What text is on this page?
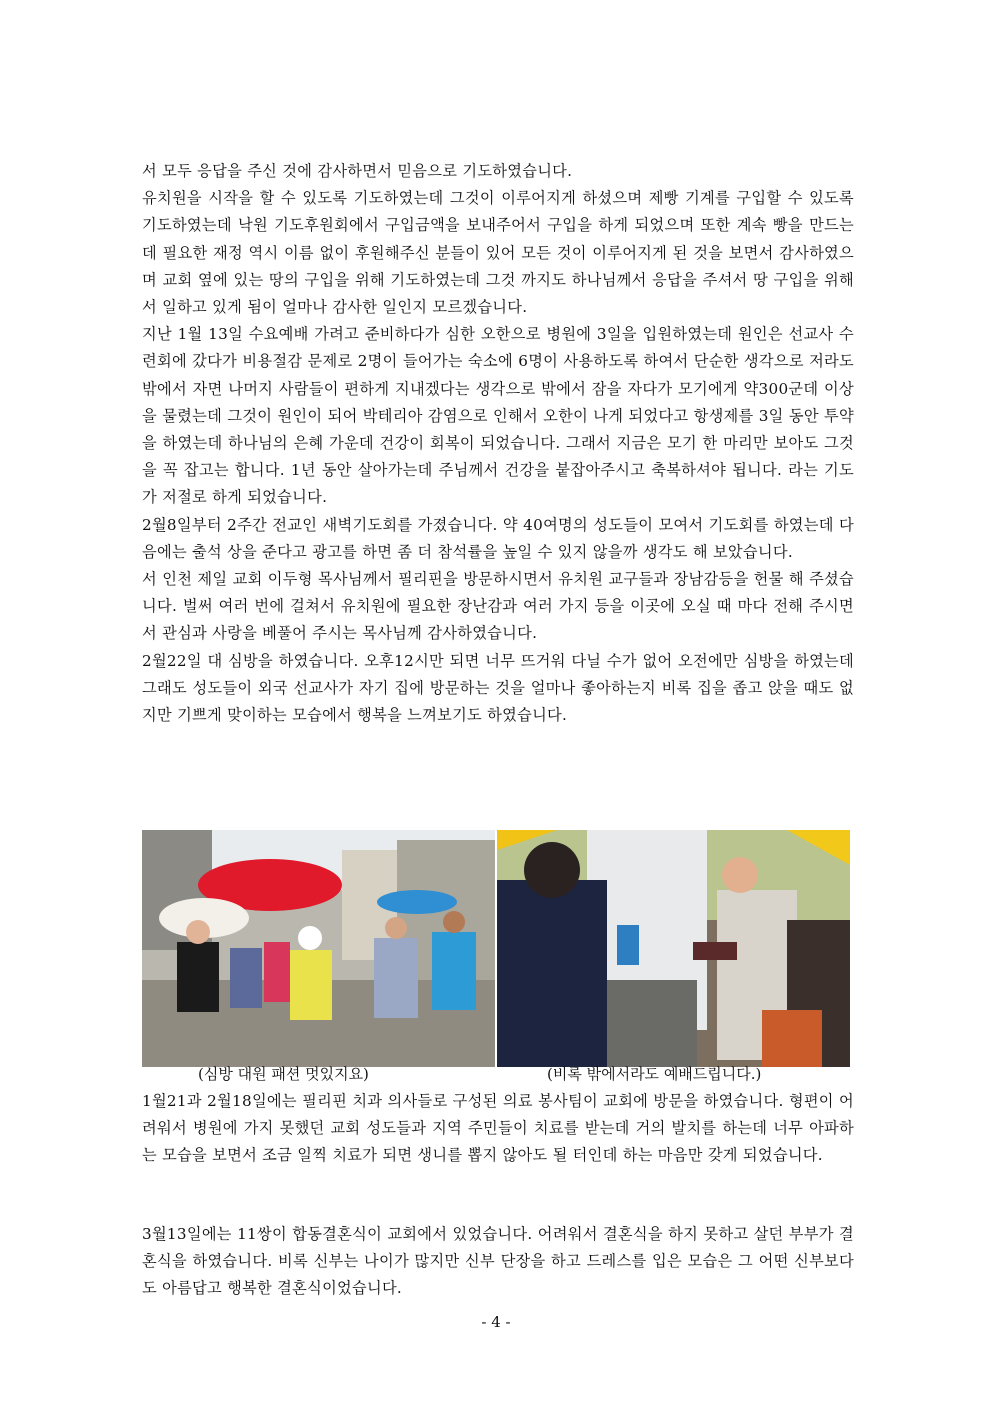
서 모두 응답을 주신 것에 감사하면서 믿음으로 기도하였습니다.

유치원을 시작을 할 수 있도록 기도하였는데 그것이 이루어지게 하셨으며 제빵 기계를 구입할 수 있도록 기도하였는데 낙원 기도후원회에서 구입금액을 보내주어서 구입을 하게 되었으며 또한 계속 빵을 만드는데 필요한 재정 역시 이름 없이 후원해주신 분들이 있어 모든 것이 이루어지게 된 것을 보면서 감사하였으며 교회 옆에 있는 땅의 구입을 위해 기도하였는데 그것 까지도 하나님께서 응답을 주셔서 땅 구입을 위해서 일하고 있게 됨이 얼마나 감사한 일인지 모르겠습니다.

지난 1월 13일 수요예배 가려고 준비하다가 심한 오한으로 병원에 3일을 입원하였는데 원인은 선교사 수련회에 갔다가 비용절감 문제로 2명이 들어가는 숙소에 6명이 사용하도록 하여서 단순한 생각으로 저라도 밖에서 자면 나머지 사람들이 편하게 지내겠다는 생각으로 밖에서 잠을 자다가 모기에게 약300군데 이상을 물렸는데 그것이 원인이 되어 박테리아 감염으로 인해서 오한이 나게 되었다고 항생제를 3일 동안 투약을 하였는데 하나님의 은혜 가운데 건강이 회복이 되었습니다. 그래서 지금은 모기 한 마리만 보아도 그것을 꼭 잡고는 합니다. 1년 동안 살아가는데 주님께서 건강을 붙잡아주시고 축복하셔야 됩니다. 라는 기도가 저절로 하게 되었습니다.

2월8일부터 2주간 전교인 새벽기도회를 가졌습니다. 약 40여명의 성도들이 모여서 기도회를 하였는데 다음에는 출석 상을 준다고 광고를 하면 좀 더 참석률을 높일 수 있지 않을까 생각도 해 보았습니다.

서 인천 제일 교회 이두형 목사님께서 필리핀을 방문하시면서 유치원 교구들과 장남감등을 헌물 해 주셨습니다. 벌써 여러 번에 걸쳐서 유치원에 필요한 장난감과 여러 가지 등을 이곳에 오실 때 마다 전해 주시면서 관심과 사랑을 베풀어 주시는 목사님께 감사하였습니다.

2월22일 대 심방을 하였습니다. 오후12시만 되면 너무 뜨거워 다닐 수가 없어 오전에만 심방을 하였는데 그래도 성도들이 외국 선교사가 자기 집에 방문하는 것을 얼마나 좋아하는지 비록 집을 좁고 앉을 때도 없지만 기쁘게 맞이하는 모습에서 행복을 느껴보기도 하였습니다.

(심방 대원 패션 멋있지요)	(비록 밖에서라도 예배드립니다.)

1월21과 2월18일에는 필리핀 치과 의사들로 구성된 의료 봉사팀이 교회에 방문을 하였습니다. 형편이 어려워서 병원에 가지 못했던 교회 성도들과 지역 주민들이 치료를 받는데 거의 발치를 하는데 너무 아파하는 모습을 보면서 조금 일찍 치료가 되면 생니를 뽑지 않아도 될 터인데 하는 마음만 갖게 되었습니다.

3월13일에는 11쌍이 합동결혼식이 교회에서 있었습니다. 어려워서 결혼식을 하지 못하고 살던 부부가 결혼식을 하였습니다. 비록 신부는 나이가 많지만 신부 단장을 하고 드레스를 입은 모습은 그 어떤 신부보다도 아름답고 행복한 결혼식이었습니다.

- 4 -
